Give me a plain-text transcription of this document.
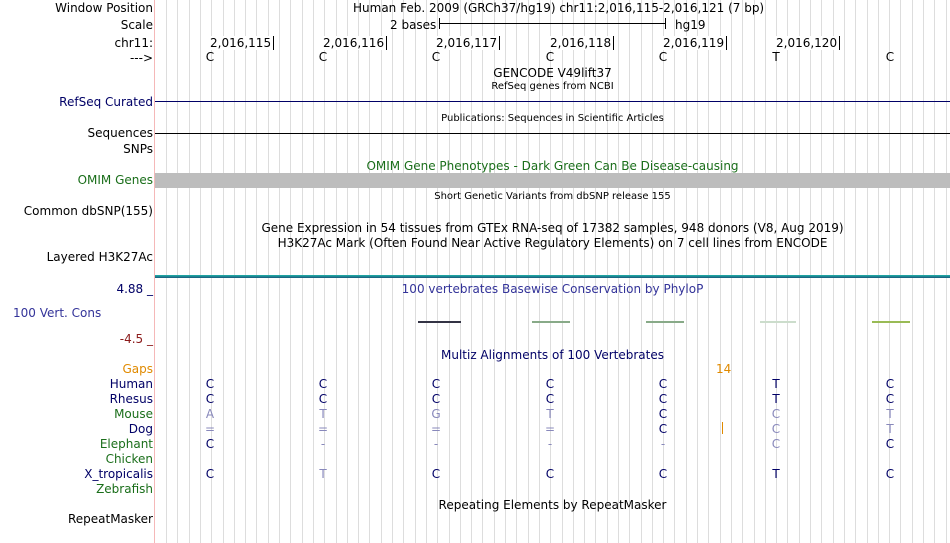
Window Position	Human Feb. 2009 (GRCh37/hg19) chr11:2,016,115-2,016,121 (7 bp)
Scale	2 bases	hg19
chr11:	2,016,115	2,016,116	2,016,117	2,016,118	2,016,119	2,016,120
--->	C	C	C	C	C	T	C
GENCODE V49lift37
RefSeq genes from NCBI
RefSeq Curated
Publications: Sequences in Scientific Articles
Sequences
SNPs
OMIM Gene Phenotypes - Dark Green Can Be Disease-causing
OMIM Genes
Short Genetic Variants from dbSNP release 155
Common dbSNP(155)
Gene Expression in 54 tissues from GTEx RNA-seq of 17382 samples, 948 donors (V8, Aug 2019)
H3K27Ac Mark (Often Found Near Active Regulatory Elements) on 7 cell lines from ENCODE
Layered H3K27Ac
4.88 _	100 vertebrates Basewise Conservation by PhyloP
100 Vert. Cons
-4.5 _
Multiz Alignments of 100 Vertebrates
Gaps	14
Human	C	C	C	C	C	T	C
Rhesus	C	C	C	C	C	T	C
Mouse	A	T	G	T	C	C	T
Dog	=	=	=	=	C	C	T
Elephant	C	-	-	-	-	C	C
Chicken
X_tropicalis	C	T	C	C	C	T	C
Zebrafish
Repeating Elements by RepeatMasker
RepeatMasker
